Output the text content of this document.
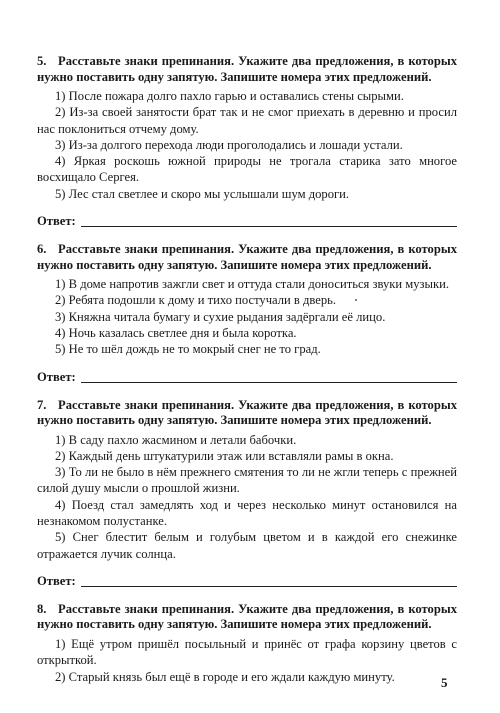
5. Расставьте знаки препинания. Укажите два предложения, в которых нужно поставить одну запятую. Запишите номера этих предложений.

1) После пожара долго пахло гарью и оставались стены сырыми.

2) Из-за своей занятости брат так и не смог приехать в деревню и просил нас поклониться отчему дому.

3) Из-за долгого перехода люди проголодались и лошади устали.

4) Яркая роскошь южной природы не трогала старика зато многое восхищало Сергея.

5) Лес стал светлее и скоро мы услышали шум дороги.

Ответ:

6. Расставьте знаки препинания. Укажите два предложения, в которых нужно поставить одну запятую. Запишите номера этих предложений.

1) В доме напротив зажгли свет и оттуда стали доноситься звуки музыки.

2) Ребята подошли к дому и тихо постучали в дверь.

3) Княжна читала бумагу и сухие рыдания задёргали её лицо.

4) Ночь казалась светлее дня и была коротка.

5) Не то шёл дождь не то мокрый снег не то град.

Ответ:

7. Расставьте знаки препинания. Укажите два предложения, в которых нужно поставить одну запятую. Запишите номера этих предложений.

1) В саду пахло жасмином и летали бабочки.

2) Каждый день штукатурили этаж или вставляли рамы в окна.

3) То ли не было в нём прежнего смятения то ли не жгли теперь с прежней силой душу мысли о прошлой жизни.

4) Поезд стал замедлять ход и через несколько минут остановился на незнакомом полустанке.

5) Снег блестит белым и голубым цветом и в каждой его снежинке отражается лучик солнца.

Ответ:

8. Расставьте знаки препинания. Укажите два предложения, в которых нужно поставить одну запятую. Запишите номера этих предложений.

1) Ещё утром пришёл посыльный и принёс от графа корзину цветов с открыткой.

2) Старый князь был ещё в городе и его ждали каждую минуту.	5
